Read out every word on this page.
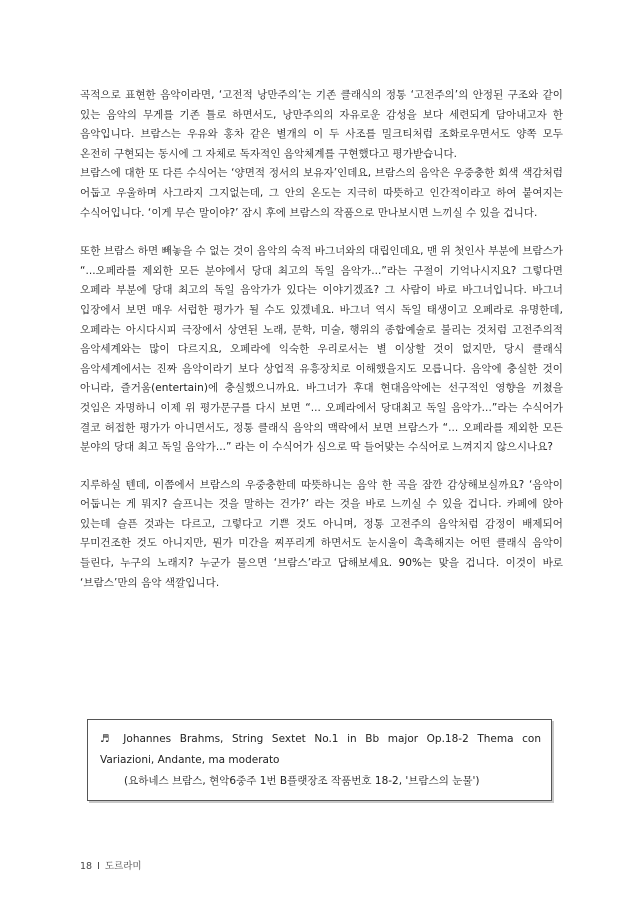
곡적으로 표현한 음악이라면, ‘고전적 낭만주의’는 기존 클래식의 정통 ‘고전주의’의 안정된 구조와 같이 있는 음악의 무게를 기존 틀로 하면서도, 낭만주의의 자유로운 감성을 보다 세련되게 담아내고자 한 음악입니다. 브람스는 우유와 홍차 같은 별개의 이 두 사조를 밀크티처럼 조화로우면서도 양쪽 모두 온전히 구현되는 동시에 그 자체로 독자적인 음악체계를 구현했다고 평가받습니다.

브람스에 대한 또 다른 수식어는 ‘양면적 정서의 보유자’인데요, 브람스의 음악은 우중충한 회색 색감처럼 어둡고 우울하며 사그라지 그지없는데, 그 안의 온도는 지극히 따뜻하고 인간적이라고 하여 붙여지는 수식어입니다. ‘이게 무슨 말이야?’ 잠시 후에 브람스의 작품으로 만나보시면 느끼실 수 있을 겁니다.

또한 브람스 하면 빼놓을 수 없는 것이 음악의 숙적 바그너와의 대립인데요, 맨 위 첫인사 부분에 브람스가 “...오페라를 제외한 모든 분야에서 당대 최고의 독일 음악가...”라는 구절이 기억나시지요? 그렇다면 오페라 부분에 당대 최고의 독일 음악가가 있다는 이야기겠죠? 그 사람이 바로 바그너입니다. 바그너 입장에서 보면 매우 서럽한 평가가 될 수도 있겠네요. 바그너 역시 독일 태생이고 오페라로 유명한데, 오페라는 아시다시피 극장에서 상연된 노래, 문학, 미술, 행위의 종합예술로 불리는 것처럼 고전주의적 음악세계와는 많이 다르지요, 오페라에 익숙한 우리로서는 별 이상할 것이 없지만, 당시 클래식 음악세계에서는 진짜 음악이라기 보다 상업적 유흥장치로 이해했을지도 모릅니다. 음악에 충실한 것이 아니라, 즐거움(entertain)에 충실했으니까요. 바그너가 후대 현대음악에는 선구적인 영향을 끼쳤을 것임은 자명하니 이제 위 평가문구를 다시 보면 “... 오페라에서 당대최고 독일 음악가...”라는 수식어가 결코 허접한 평가가 아니면서도, 정통 클래식 음악의 맥락에서 보면 브람스가 “... 오페라를 제외한 모든 분야의 당대 최고 독일 음악가...” 라는 이 수식어가 심으로 딱 들어맞는 수식어로 느껴지지 않으시나요?

지루하실 텐데, 이쯤에서 브람스의 우중충한데 따뜻하니는 음악 한 곡을 잠깐 감상해보실까요? ‘음악이 어둡니는 게 뭐지? 슬프니는 것을 말하는 건가?’ 라는 것을 바로 느끼실 수 있을 겁니다. 카페에 앉아 있는데 슬픈 것과는 다르고, 그렇다고 기쁜 것도 아니며, 정통 고전주의 음악처럼 감정이 배제되어 무미건조한 것도 아니지만, 뭔가 미간을 찌푸리게 하면서도 눈시울이 촉촉해지는 어떤 클래식 음악이 들린다, 누구의 노래지? 누군가 물으면 ‘브람스’라고 답해보세요. 90%는 맞을 겁니다. 이것이 바로 ‘브람스’만의 음악 색깔입니다.

♬ Johannes Brahms, String Sextet No.1 in Bb major Op.18-2 Thema con
Variazioni, Andante, ma moderato
(요하네스 브람스, 현악6중주 1번 B플랫장조 작품번호 18-2, '브람스의 눈물')
18 I 도르라미
